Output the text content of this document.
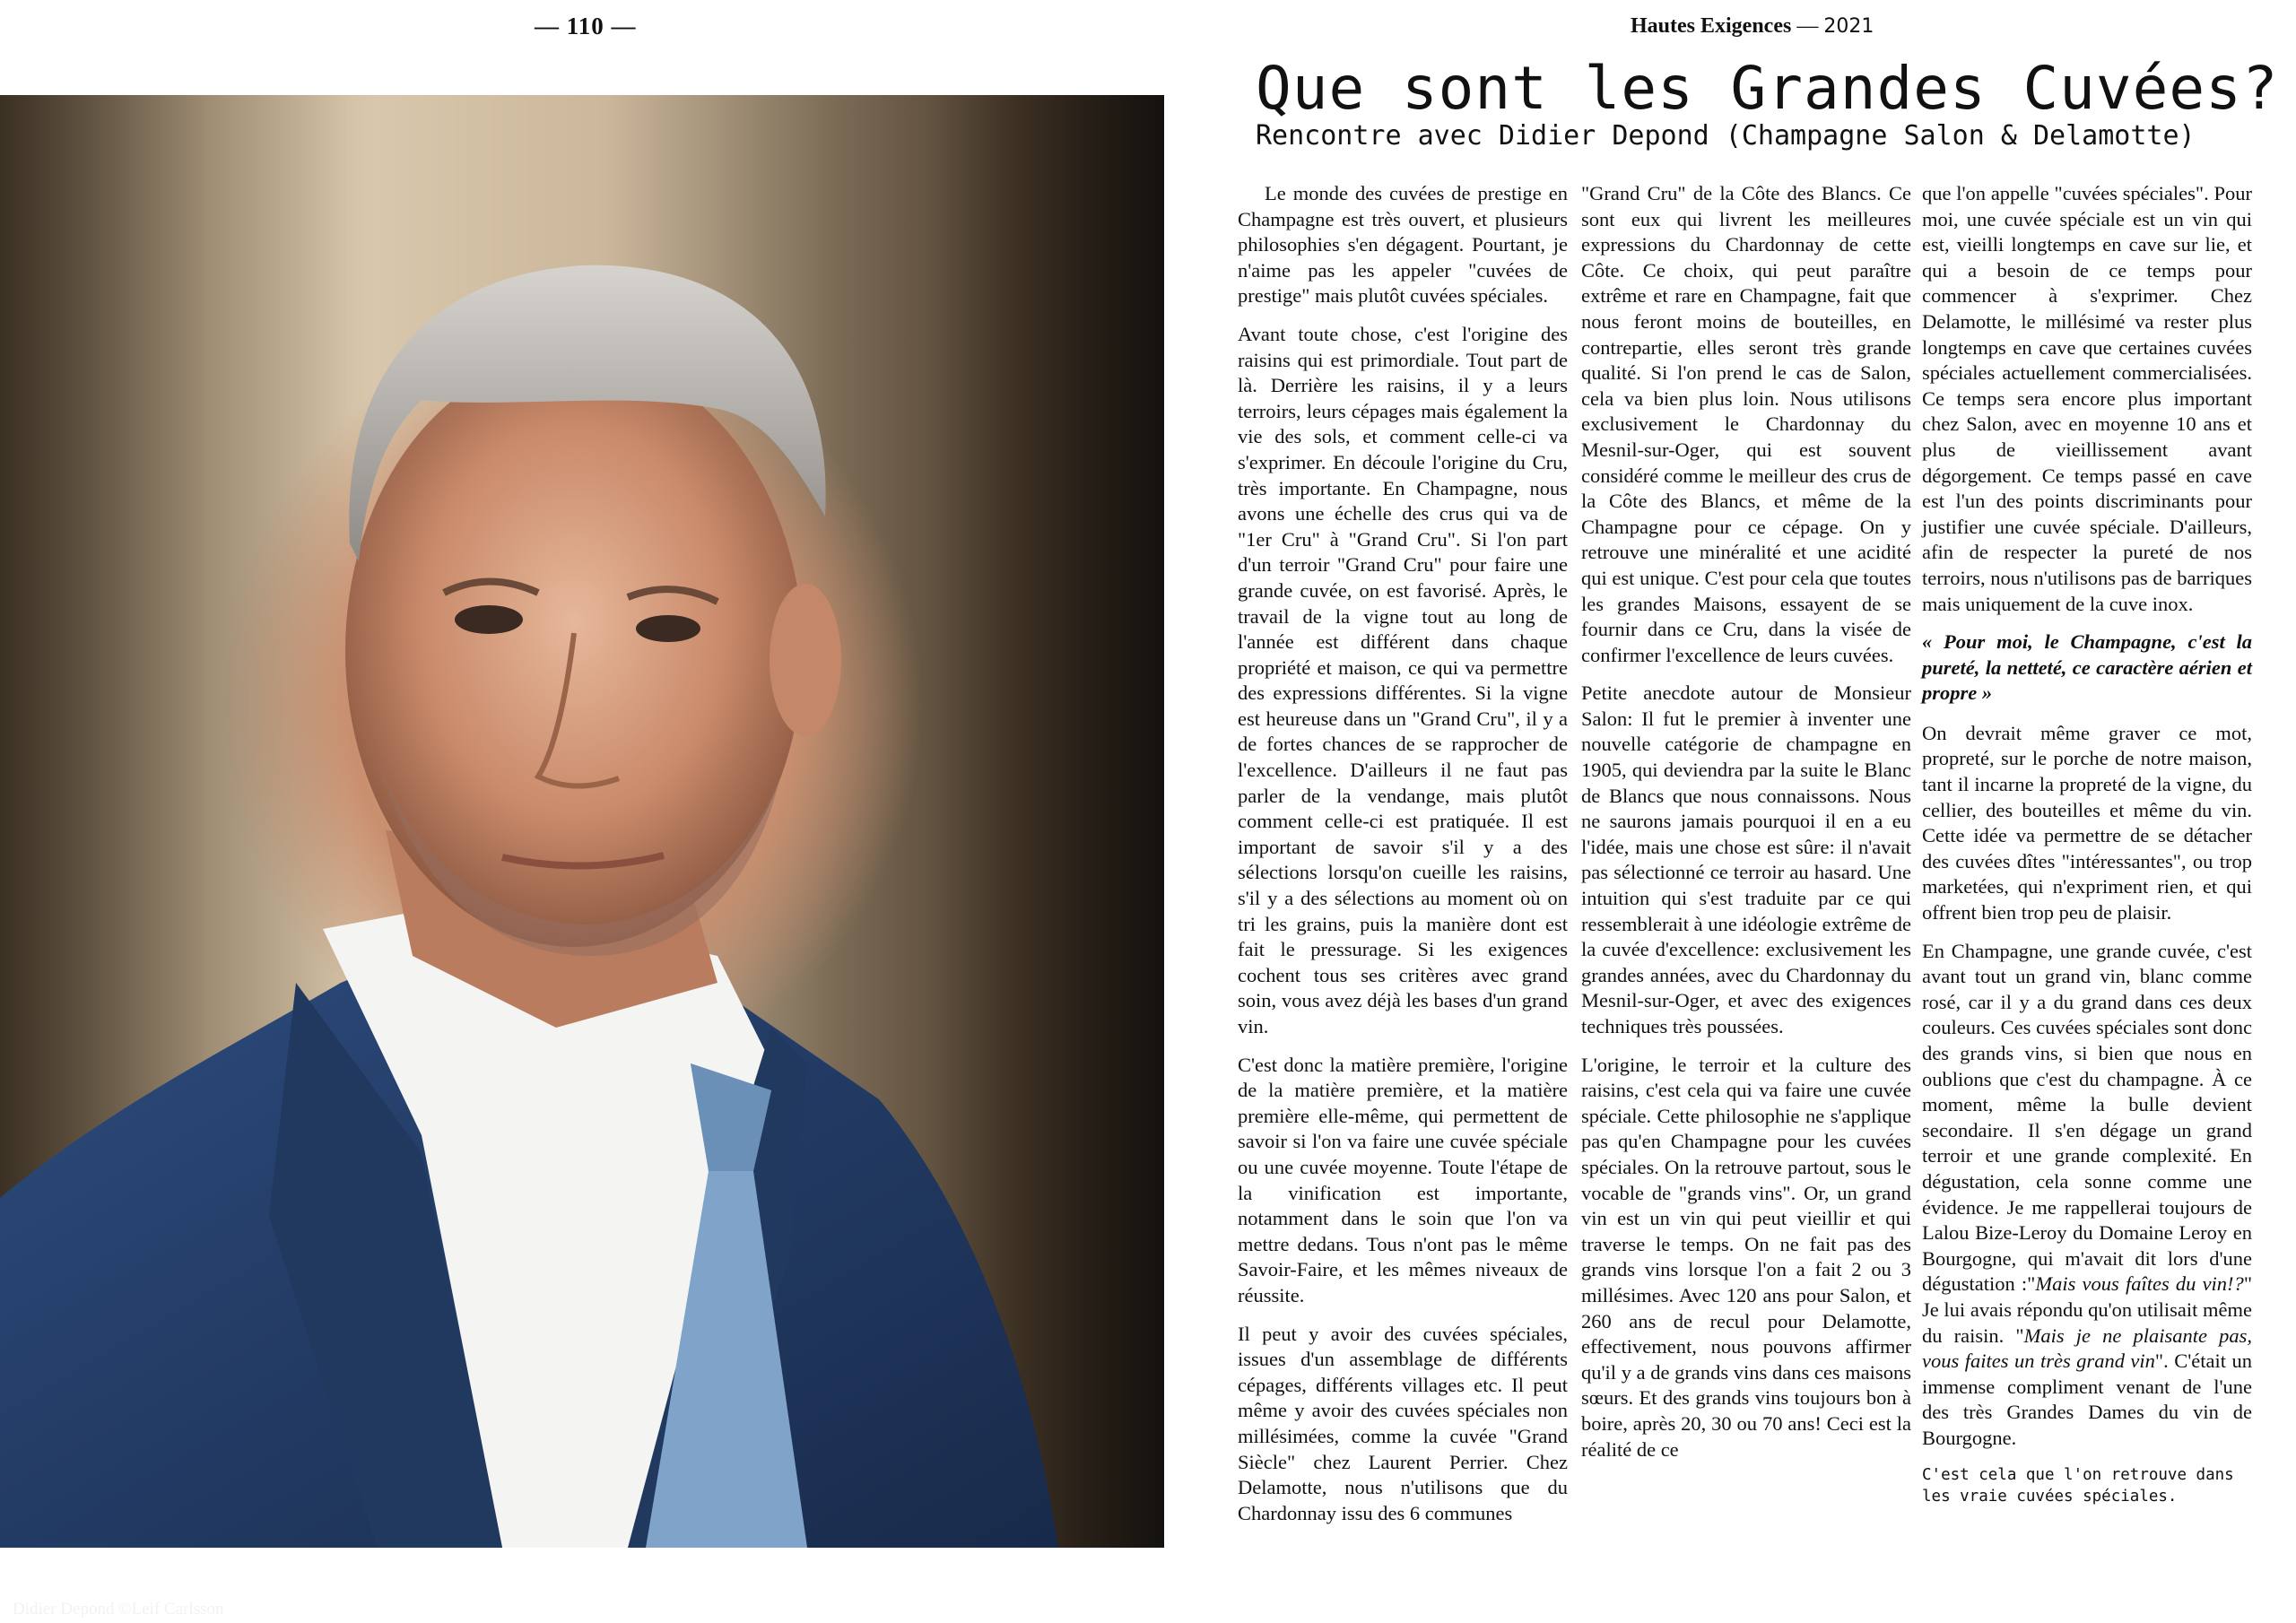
— 110 —	Hautes Exigences — 2021
Didier Depond ©Leif Carlsson
Que sont les Grandes Cuvées?
Rencontre avec Didier Depond (Champagne Salon & Delamotte)

Le monde des cuvées de prestige en Champagne est très ouvert, et plusieurs philosophies s'en dégagent. Pourtant, je n'aime pas les appeler "cuvées de prestige" mais plutôt cuvées spéciales.

Avant toute chose, c'est l'origine des raisins qui est primordiale. Tout part de là. Derrière les raisins, il y a leurs terroirs, leurs cépages mais également la vie des sols, et comment celle-ci va s'exprimer. En découle l'origine du Cru, très importante. En Champagne, nous avons une échelle des crus qui va de "1er Cru" à "Grand Cru". Si l'on part d'un terroir "Grand Cru" pour faire une grande cuvée, on est favorisé. Après, le travail de la vigne tout au long de l'année est différent dans chaque propriété et maison, ce qui va permettre des expressions différentes. Si la vigne est heureuse dans un "Grand Cru", il y a de fortes chances de se rapprocher de l'excellence. D'ailleurs il ne faut pas parler de la vendange, mais plutôt comment celle-ci est pratiquée. Il est important de savoir s'il y a des sélections lorsqu'on cueille les raisins, s'il y a des sélections au moment où on tri les grains, puis la manière dont est fait le pressurage. Si les exigences cochent tous ses critères avec grand soin, vous avez déjà les bases d'un grand vin.

C'est donc la matière première, l'origine de la matière première, et la matière première elle-même, qui permettent de savoir si l'on va faire une cuvée spéciale ou une cuvée moyenne. Toute l'étape de la vinification est importante, notamment dans le soin que l'on va mettre dedans. Tous n'ont pas le même Savoir-Faire, et les mêmes niveaux de réussite.

Il peut y avoir des cuvées spéciales, issues d'un assemblage de différents cépages, différents villages etc. Il peut même y avoir des cuvées spéciales non millésimées, comme la cuvée "Grand Siècle" chez Laurent Perrier. Chez Delamotte, nous n'utilisons que du Chardonnay issu des 6 communes

"Grand Cru" de la Côte des Blancs. Ce sont eux qui livrent les meilleures expressions du Chardonnay de cette Côte. Ce choix, qui peut paraître extrême et rare en Champagne, fait que nous feront moins de bouteilles, en contrepartie, elles seront très grande qualité. Si l'on prend le cas de Salon, cela va bien plus loin. Nous utilisons exclusivement le Chardonnay du Mesnil-sur-Oger, qui est souvent considéré comme le meilleur des crus de la Côte des Blancs, et même de la Champagne pour ce cépage. On y retrouve une minéralité et une acidité qui est unique. C'est pour cela que toutes les grandes Maisons, essayent de se fournir dans ce Cru, dans la visée de confirmer l'excellence de leurs cuvées.

Petite anecdote autour de Monsieur Salon: Il fut le premier à inventer une nouvelle catégorie de champagne en 1905, qui deviendra par la suite le Blanc de Blancs que nous connaissons. Nous ne saurons jamais pourquoi il en a eu l'idée, mais une chose est sûre: il n'avait pas sélectionné ce terroir au hasard. Une intuition qui s'est traduite par ce qui ressemblerait à une idéologie extrême de la cuvée d'excellence: exclusivement les grandes années, avec du Chardonnay du Mesnil-sur-Oger, et avec des exigences techniques très poussées.

L'origine, le terroir et la culture des raisins, c'est cela qui va faire une cuvée spéciale. Cette philosophie ne s'applique pas qu'en Champagne pour les cuvées spéciales. On la retrouve partout, sous le vocable de "grands vins". Or, un grand vin est un vin qui peut vieillir et qui traverse le temps. On ne fait pas des grands vins lorsque l'on a fait 2 ou 3 millésimes. Avec 120 ans pour Salon, et 260 ans de recul pour Delamotte, effectivement, nous pouvons affirmer qu'il y a de grands vins dans ces maisons sœurs. Et des grands vins toujours bon à boire, après 20, 30 ou 70 ans! Ceci est la réalité de ce

que l'on appelle "cuvées spéciales". Pour moi, une cuvée spéciale est un vin qui est, vieilli longtemps en cave sur lie, et qui a besoin de ce temps pour commencer à s'exprimer. Chez Delamotte, le millésimé va rester plus longtemps en cave que certaines cuvées spéciales actuellement commercialisées. Ce temps sera encore plus important chez Salon, avec en moyenne 10 ans et plus de vieillissement avant dégorgement. Ce temps passé en cave est l'un des points discriminants pour justifier une cuvée spéciale. D'ailleurs, afin de respecter la pureté de nos terroirs, nous n'utilisons pas de barriques mais uniquement de la cuve inox.

« Pour moi, le Champagne, c'est la pureté, la netteté, ce caractère aérien et propre »

On devrait même graver ce mot, propreté, sur le porche de notre maison, tant il incarne la propreté de la vigne, du cellier, des bouteilles et même du vin. Cette idée va permettre de se détacher des cuvées dîtes "intéressantes", ou trop marketées, qui n'expriment rien, et qui offrent bien trop peu de plaisir.

En Champagne, une grande cuvée, c'est avant tout un grand vin, blanc comme rosé, car il y a du grand dans ces deux couleurs. Ces cuvées spéciales sont donc des grands vins, si bien que nous en oublions que c'est du champagne. À ce moment, même la bulle devient secondaire. Il s'en dégage un grand terroir et une grande complexité. En dégustation, cela sonne comme une évidence. Je me rappellerai toujours de Lalou Bize-Leroy du Domaine Leroy en Bourgogne, qui m'avait dit lors d'une dégustation :"Mais vous faîtes du vin!?" Je lui avais répondu qu'on utilisait même du raisin. "Mais je ne plaisante pas, vous faites un très grand vin". C'était un immense compliment venant de l'une des très Grandes Dames du vin de Bourgogne.

C'est cela que l'on retrouve dans les vraie cuvées spéciales.
